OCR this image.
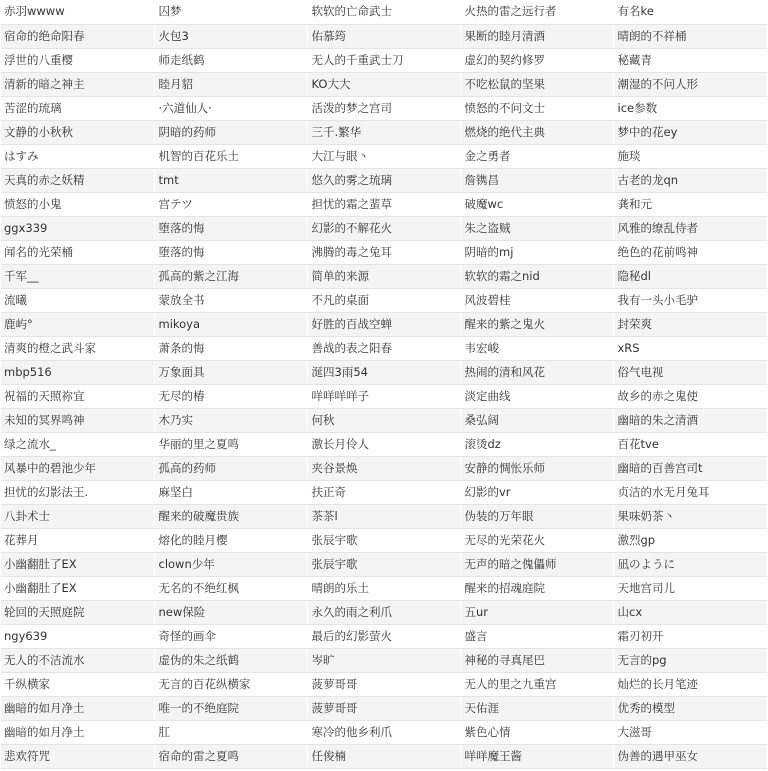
赤羽wwww	囚梦	软软的亡命武士	火热的雷之远行者	有名ke
宿命的绝命阳春	火包3	佑慕筠	果断的睦月清酒	晴朗的不祥桶
浮世的八重樱	师走纸鹤	无人的千重武士刀	虚幻的契约修罗	秘藏青
清新的暗之神主	睦月貂	KO大大	不吃松鼠的坚果	潮湿的不问人形
苦涩的琉璃	·六道仙人·	活泼的梦之宫司	愤怒的不问文士	ice参数
文静的小秋秋	阴暗的药师	三千.繁华	燃烧的绝代主典	梦中的花ey
はすみ	机智的百花乐土	大江与眼丶	金之勇者	施琰
天真的赤之妖精	tmt	悠久的雾之琉璃	詹镌昌	古老的龙qn
愤怒的小鬼	宫テツ	担忧的霜之蜚草	破魔wc	龚和元
ggx339	堕落的悔	幻影的不解花火	朱之盗贼	风雅的缭乱侍者
闻名的光荣桶	堕落的悔	沸腾的毒之兔耳	阴暗的mj	绝色的花前鸣神
千军__	孤高的紫之江海	简单的来源	软软的霜之nid	隐秘dl
流曦	蒙放全书	不凡的桌面	风波碧桂	我有一头小毛驴
鹿屿°	mikoya	好胜的百战空蝉	醒来的紫之鬼火	封荣爽
清爽的橙之武斗家	萧条的悔	善战的表之阳春	韦宏峻	xRS
mbp516	万象面具	涎四3雨54	热闹的清和风花	俗气电视
祝福的天照祢宜	无尽的椿	咩咩咩咩子	淡定曲线	故乡的赤之鬼使
未知的冥界鸣神	木乃实	何秋	桑弘阔	幽暗的朱之清酒
绿之流水_	华丽的里之夏鸣	激长月伶人	滚烫dz	百花tve
风暴中的碧池少年	孤高的药师	夹谷景焕	安静的惆怅乐师	幽暗的百善宫司t
担忧的幻影法王.	麻坚白	扶正奇	幻影的vr	贞洁的水无月兔耳
八卦术士	醒来的破魔贵族	茶茶l	伪装的万年眼	果味奶茶丶
花葬月	熔化的睦月樱	张辰宇歌	无尽的光荣花火	激烈gp
小幽翻肚了EX	clown少年	张辰宇歌	无声的暗之傀儡师	凪のように
小幽翻肚了EX	无名的不绝红枫	晴朗的乐土	醒来的招魂庭院	天地宫司儿
轮回的天照庭院	new保险	永久的雨之利爪	五ur	山cx
ngy639	奇怪的画伞	最后的幻影萤火	盛言	霜刃初开
无人的不洁流水	虚伪的朱之纸鹤	岑旷	神秘的寻真尾巴	无言的pg
千纵横家	无言的百花纵横家	菠萝哥哥	无人的里之九重宫	灿烂的长月笔迹
幽暗的如月净土	唯一的不绝庭院	菠萝哥哥	天佑涯	优秀的模型
幽暗的如月净土	肛	寒冷的他乡利爪	紫色心情	大滋哥
悲欢符咒	宿命的雷之夏鸣	任俊楠	咩咩魔王酱	伪善的遇甲巫女
